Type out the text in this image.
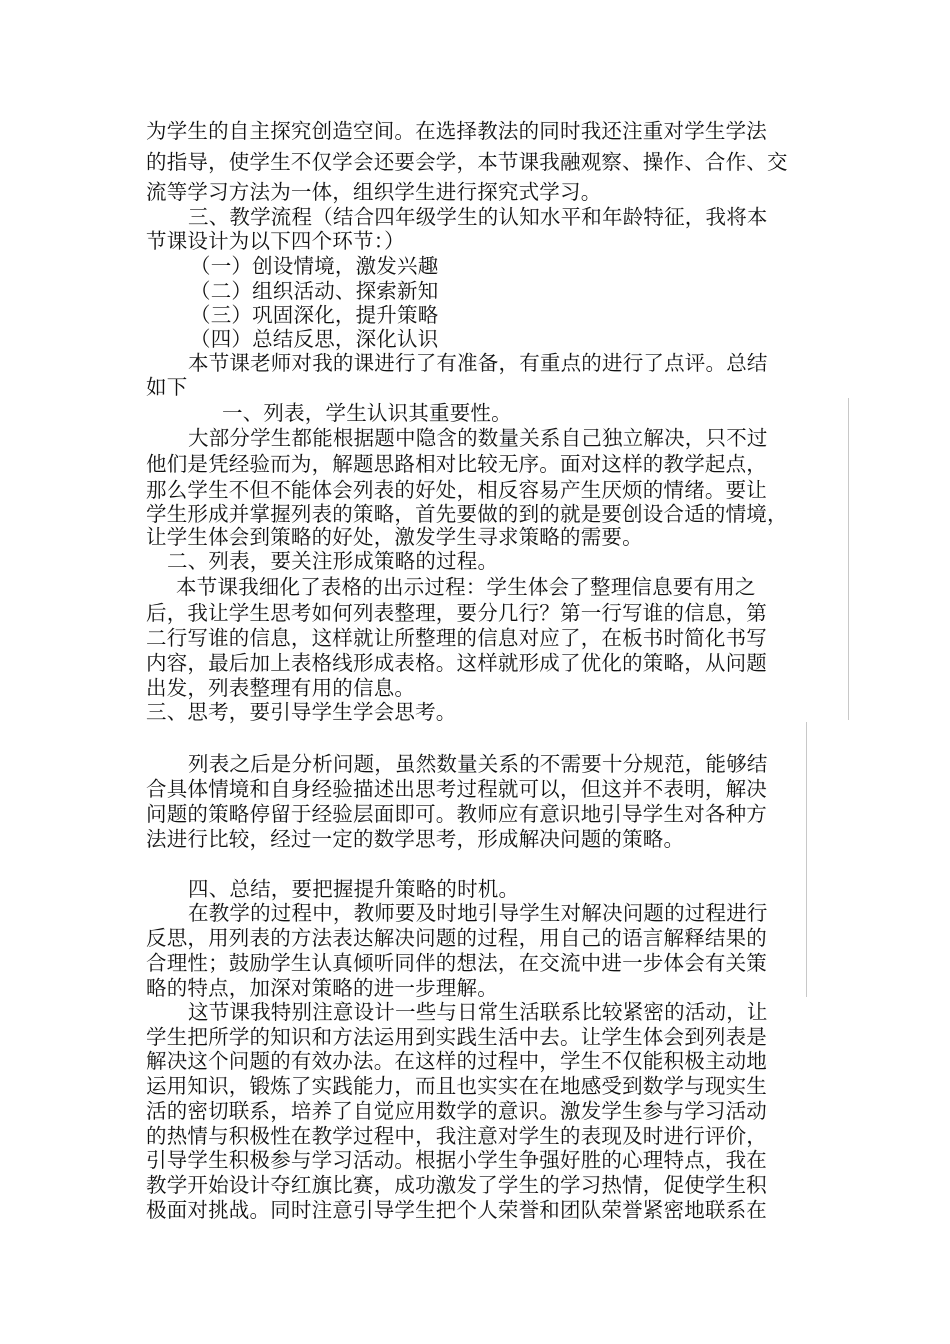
为学生的自主探究创造空间。在选择教法的同时我还注重对学生学法
的指导，使学生不仅学会还要会学，本节课我融观察、操作、合作、交
流等学习方法为一体，组织学生进行探究式学习。
三、教学流程（结合四年级学生的认知水平和年龄特征，我将本
节课设计为以下四个环节：）
（一）创设情境，激发兴趣
（二）组织活动、探索新知
（三）巩固深化，提升策略
（四）总结反思，深化认识
本节课老师对我的课进行了有准备，有重点的进行了点评。总结
如下
一、列表，学生认识其重要性。
大部分学生都能根据题中隐含的数量关系自己独立解决，只不过
他们是凭经验而为，解题思路相对比较无序。面对这样的教学起点，
那么学生不但不能体会列表的好处，相反容易产生厌烦的情绪。要让
学生形成并掌握列表的策略，首先要做的到的就是要创设合适的情境，
让学生体会到策略的好处，激发学生寻求策略的需要。
二、列表，要关注形成策略的过程。
本节课我细化了表格的出示过程：学生体会了整理信息要有用之
后，我让学生思考如何列表整理，要分几行？第一行写谁的信息，第
二行写谁的信息，这样就让所整理的信息对应了，在板书时简化书写
内容，最后加上表格线形成表格。这样就形成了优化的策略，从问题
出发，列表整理有用的信息。
三、思考，要引导学生学会思考。
列表之后是分析问题，虽然数量关系的不需要十分规范，能够结
合具体情境和自身经验描述出思考过程就可以，但这并不表明，解决
问题的策略停留于经验层面即可。教师应有意识地引导学生对各种方
法进行比较，经过一定的数学思考，形成解决问题的策略。
四、总结，要把握提升策略的时机。
在教学的过程中，教师要及时地引导学生对解决问题的过程进行
反思，用列表的方法表达解决问题的过程，用自己的语言解释结果的
合理性；鼓励学生认真倾听同伴的想法，在交流中进一步体会有关策
略的特点，加深对策略的进一步理解。
这节课我特别注意设计一些与日常生活联系比较紧密的活动，让
学生把所学的知识和方法运用到实践生活中去。让学生体会到列表是
解决这个问题的有效办法。在这样的过程中，学生不仅能积极主动地
运用知识，锻炼了实践能力，而且也实实在在地感受到数学与现实生
活的密切联系，培养了自觉应用数学的意识。激发学生参与学习活动
的热情与积极性在教学过程中，我注意对学生的表现及时进行评价，
引导学生积极参与学习活动。根据小学生争强好胜的心理特点，我在
教学开始设计夺红旗比赛，成功激发了学生的学习热情，促使学生积
极面对挑战。同时注意引导学生把个人荣誉和团队荣誉紧密地联系在
